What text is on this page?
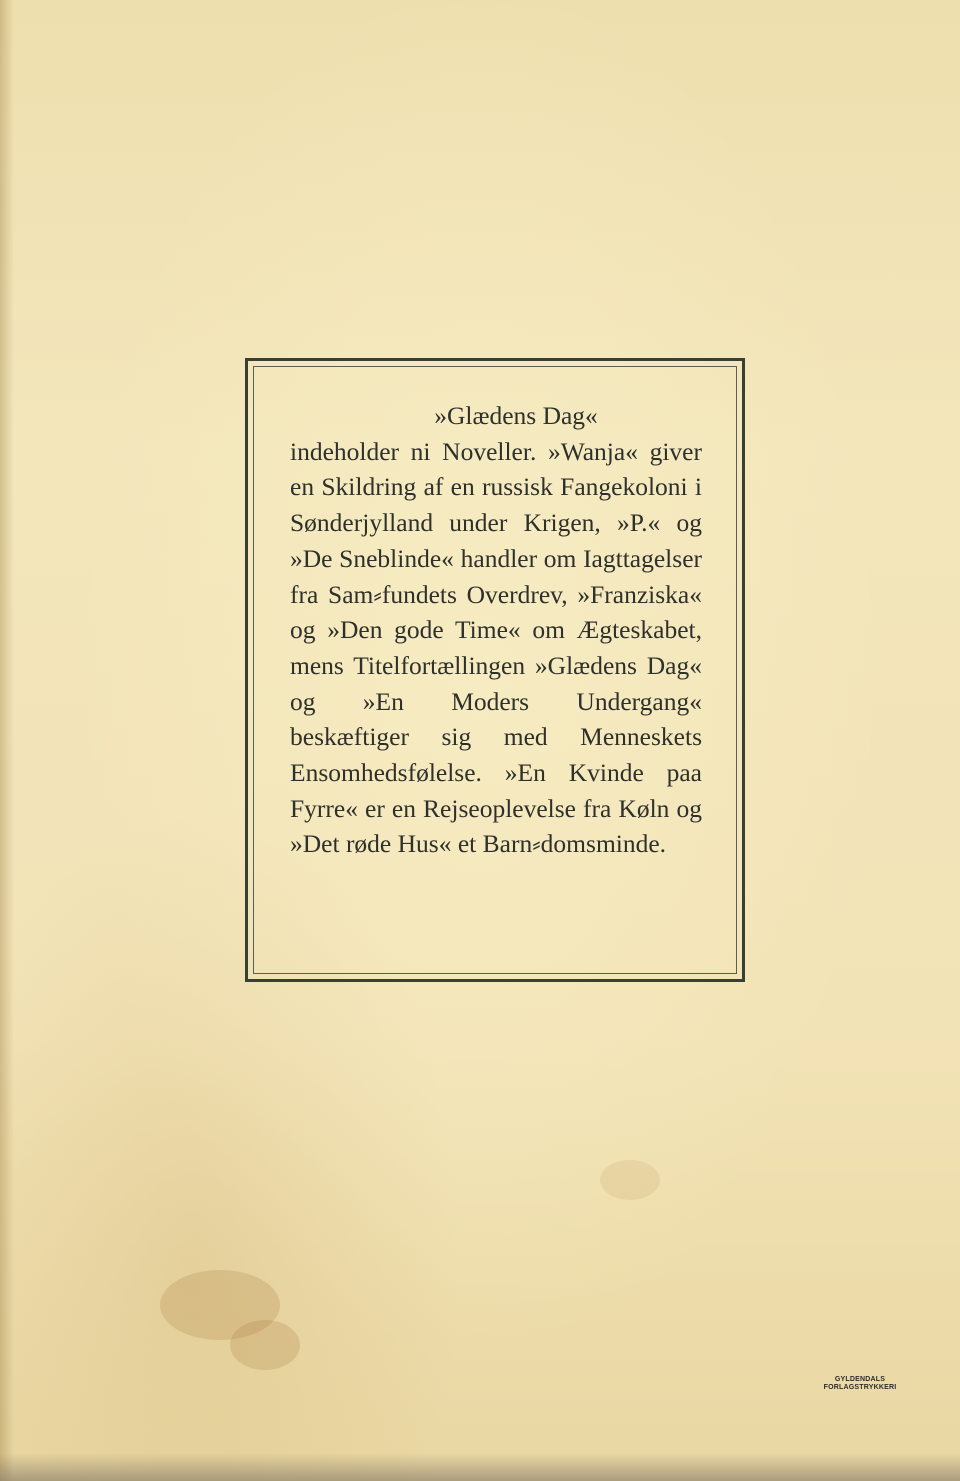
»Glædens Dag«
indeholder ni Noveller. »Wanja« giver en Skildring af en russisk Fangekoloni i Sønderjylland under Krigen, »P.« og »De Sneblinde« handler om Iagttagelser fra Sam⸗fundets Overdrev, »Franziska« og »Den gode Time« om Ægteskabet, mens Titelfortællingen »Glædens Dag« og »En Moders Undergang« beskæftiger sig med Menneskets Ensomhedsfølelse. »En Kvinde paa Fyrre« er en Rejseoplevelse fra Køln og »Det røde Hus« et Barn⸗domsminde.
GYLDENDALS
FORLAGSTRYKKERI
